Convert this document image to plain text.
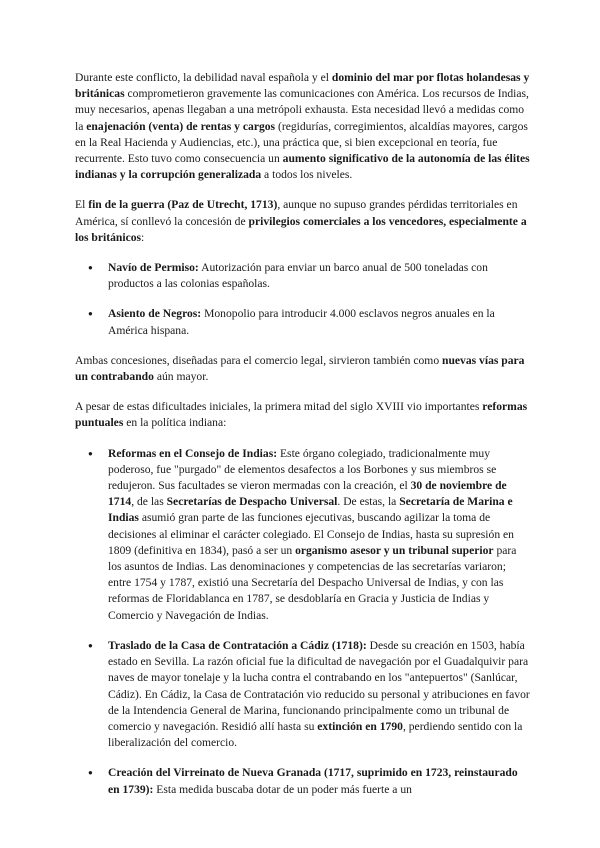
Durante este conflicto, la debilidad naval española y el dominio del mar por flotas holandesas y británicas comprometieron gravemente las comunicaciones con América. Los recursos de Indias, muy necesarios, apenas llegaban a una metrópoli exhausta. Esta necesidad llevó a medidas como la enajenación (venta) de rentas y cargos (regidurías, corregimientos, alcaldías mayores, cargos en la Real Hacienda y Audiencias, etc.), una práctica que, si bien excepcional en teoría, fue recurrente. Esto tuvo como consecuencia un aumento significativo de la autonomía de las élites indianas y la corrupción generalizada a todos los niveles.

El fin de la guerra (Paz de Utrecht, 1713), aunque no supuso grandes pérdidas territoriales en América, sí conllevó la concesión de privilegios comerciales a los vencedores, especialmente a los británicos:

● Navío de Permiso: Autorización para enviar un barco anual de 500 toneladas con productos a las colonias españolas.
● Asiento de Negros: Monopolio para introducir 4.000 esclavos negros anuales en la América hispana.

Ambas concesiones, diseñadas para el comercio legal, sirvieron también como nuevas vías para un contrabando aún mayor.

A pesar de estas dificultades iniciales, la primera mitad del siglo XVIII vio importantes reformas puntuales en la política indiana:

● Reformas en el Consejo de Indias: Este órgano colegiado, tradicionalmente muy poderoso, fue "purgado" de elementos desafectos a los Borbones y sus miembros se redujeron. Sus facultades se vieron mermadas con la creación, el 30 de noviembre de 1714, de las Secretarías de Despacho Universal. De estas, la Secretaría de Marina e Indias asumió gran parte de las funciones ejecutivas, buscando agilizar la toma de decisiones al eliminar el carácter colegiado. El Consejo de Indias, hasta su supresión en 1809 (definitiva en 1834), pasó a ser un organismo asesor y un tribunal superior para los asuntos de Indias. Las denominaciones y competencias de las secretarías variaron; entre 1754 y 1787, existió una Secretaría del Despacho Universal de Indias, y con las reformas de Floridablanca en 1787, se desdoblaría en Gracia y Justicia de Indias y Comercio y Navegación de Indias.
● Traslado de la Casa de Contratación a Cádiz (1718): Desde su creación en 1503, había estado en Sevilla. La razón oficial fue la dificultad de navegación por el Guadalquivir para naves de mayor tonelaje y la lucha contra el contrabando en los "antepuertos" (Sanlúcar, Cádiz). En Cádiz, la Casa de Contratación vio reducido su personal y atribuciones en favor de la Intendencia General de Marina, funcionando principalmente como un tribunal de comercio y navegación. Residió allí hasta su extinción en 1790, perdiendo sentido con la liberalización del comercio.
● Creación del Virreinato de Nueva Granada (1717, suprimido en 1723, reinstaurado en 1739): Esta medida buscaba dotar de un poder más fuerte a un
